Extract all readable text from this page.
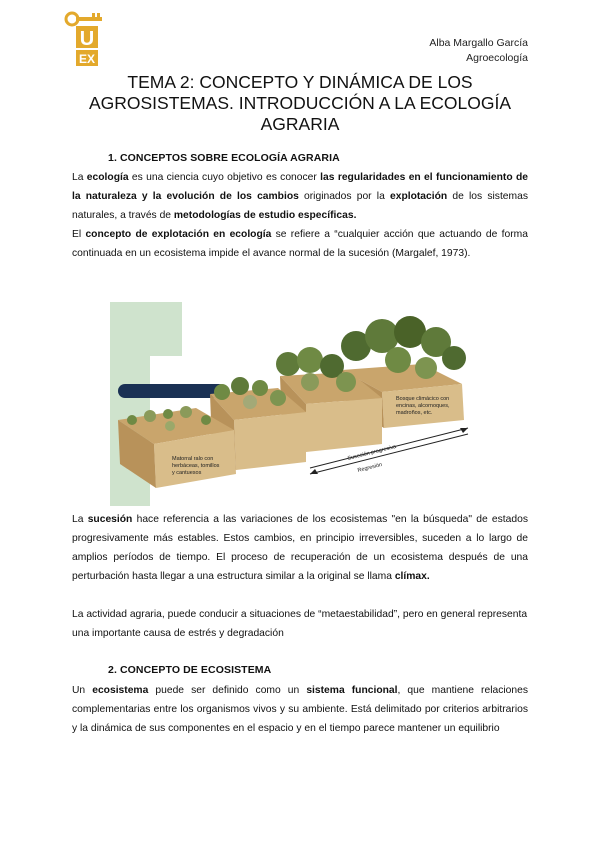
U
EX
Alba Margallo García
Agroecología
TEMA 2: CONCEPTO Y DINÁMICA DE LOS AGROSISTEMAS. INTRODUCCIÓN A LA ECOLOGÍA AGRARIA
1. CONCEPTOS SOBRE ECOLOGÍA AGRARIA
La ecología es una ciencia cuyo objetivo es conocer las regularidades en el funcionamiento de la naturaleza y la evolución de los cambios originados por la explotación de los sistemas naturales, a través de metodologías de estudio específicas.
El concepto de explotación en ecología se refiere a “cualquier acción que actuando de forma continuada en un ecosistema impide el avance normal de la sucesión (Margalef, 1973).
Sucesión progresiva
Regresión
Matorral ralo con
herbáceas, tomillos
y cantuesos
Bosque climácico con
encinas, alcornoques,
madroños, etc.
La sucesión hace referencia a las variaciones de los ecosistemas "en la búsqueda" de estados progresivamente más estables. Estos cambios, en principio irreversibles, suceden a lo largo de amplios períodos de tiempo. El proceso de recuperación de un ecosistema después de una perturbación hasta llegar a una estructura similar a la original se llama clímax.
La actividad agraria, puede conducir a situaciones de “metaestabilidad”, pero en general representa una importante causa de estrés y degradación
2. CONCEPTO DE ECOSISTEMA
Un ecosistema puede ser definido como un sistema funcional, que mantiene relaciones complementarias entre los organismos vivos y su ambiente. Está delimitado por criterios arbitrarios y la dinámica de sus componentes en el espacio y en el tiempo parece mantener un equilibrio
